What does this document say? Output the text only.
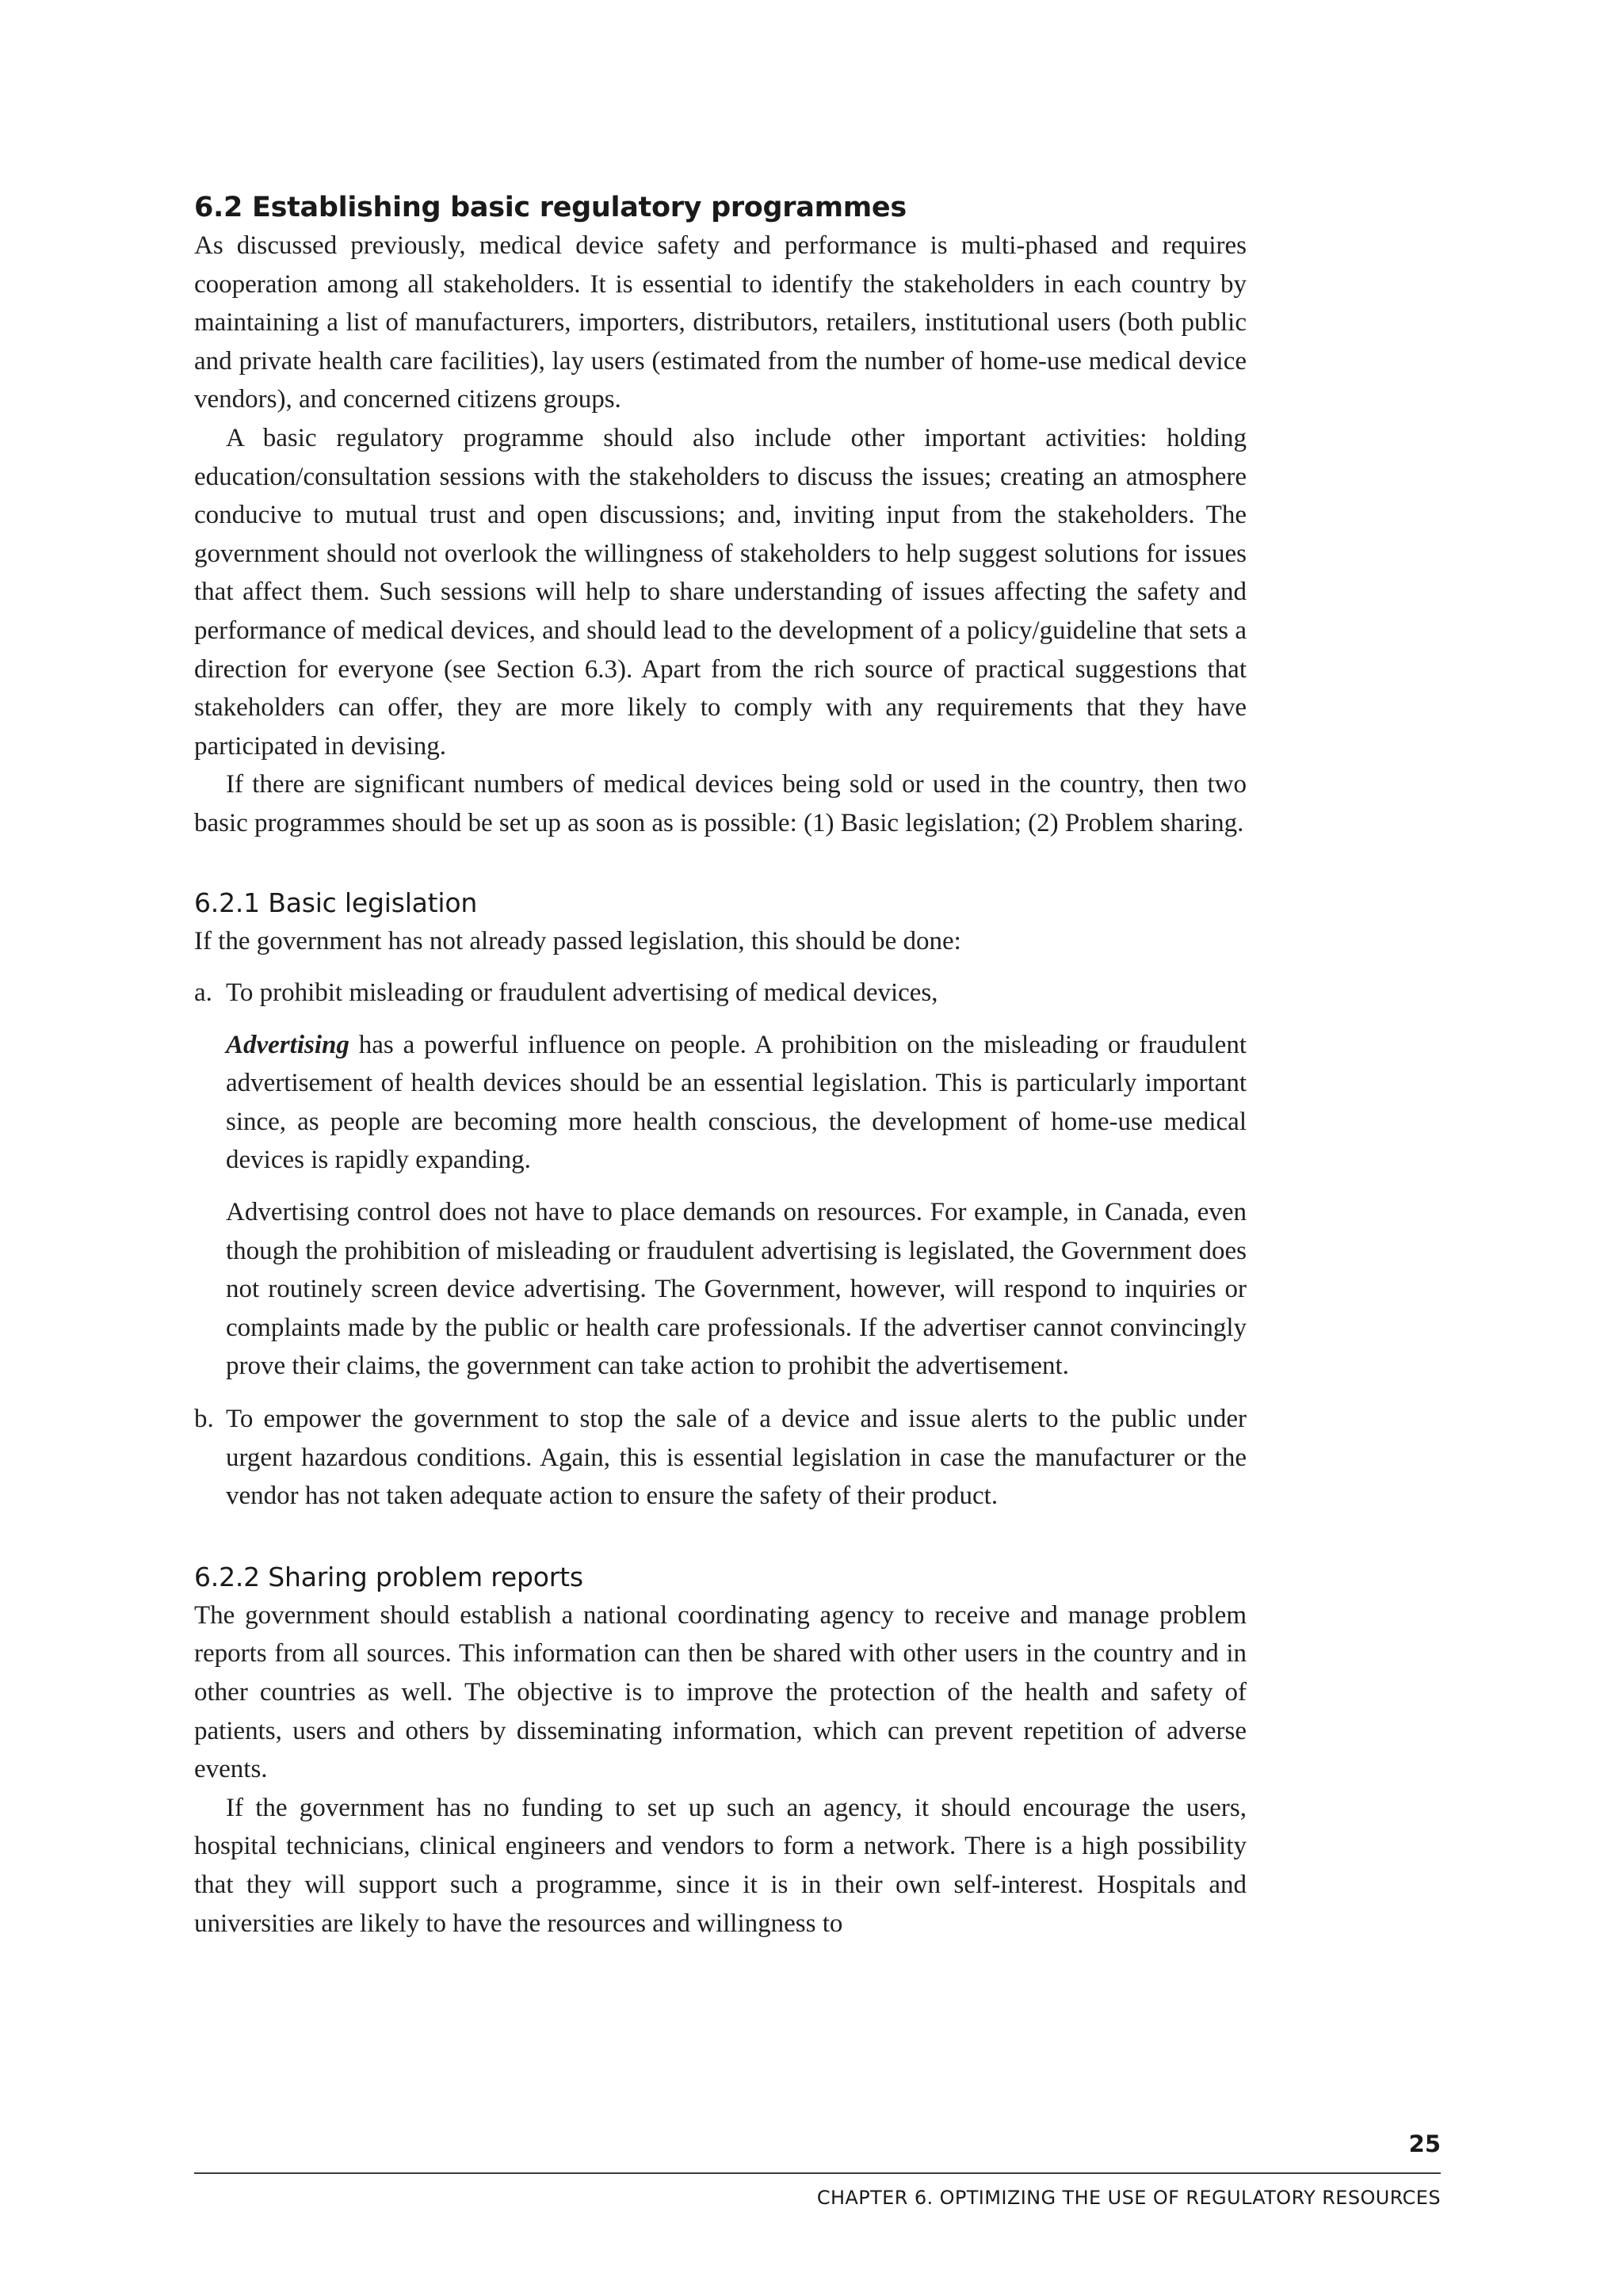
6.2 Establishing basic regulatory programmes

As discussed previously, medical device safety and performance is multi-phased and requires cooperation among all stakeholders. It is essential to identify the stakeholders in each country by maintaining a list of manufacturers, importers, distributors, retailers, institutional users (both public and private health care facilities), lay users (estimated from the number of home-use medical device vendors), and concerned citizens groups.

A basic regulatory programme should also include other important activities: holding education/consultation sessions with the stakeholders to discuss the issues; creating an atmosphere conducive to mutual trust and open discussions; and, inviting input from the stakeholders. The government should not overlook the willingness of stakeholders to help suggest solutions for issues that affect them. Such sessions will help to share understanding of issues affecting the safety and performance of medical devices, and should lead to the development of a policy/guideline that sets a direction for everyone (see Section 6.3). Apart from the rich source of practical suggestions that stakeholders can offer, they are more likely to comply with any requirements that they have participated in devising.

If there are significant numbers of medical devices being sold or used in the country, then two basic programmes should be set up as soon as is possible: (1) Basic legislation; (2) Problem sharing.

6.2.1 Basic legislation

If the government has not already passed legislation, this should be done:

a. To prohibit misleading or fraudulent advertising of medical devices,

Advertising has a powerful influence on people. A prohibition on the misleading or fraudulent advertisement of health devices should be an essential legislation. This is particularly important since, as people are becoming more health conscious, the development of home-use medical devices is rapidly expanding.

Advertising control does not have to place demands on resources. For example, in Canada, even though the prohibition of misleading or fraudulent advertising is legislated, the Government does not routinely screen device advertising. The Government, however, will respond to inquiries or complaints made by the public or health care professionals. If the advertiser cannot convincingly prove their claims, the government can take action to prohibit the advertisement.

b. To empower the government to stop the sale of a device and issue alerts to the public under urgent hazardous conditions. Again, this is essential legislation in case the manufacturer or the vendor has not taken adequate action to ensure the safety of their product.
6.2.2 Sharing problem reports

The government should establish a national coordinating agency to receive and manage problem reports from all sources. This information can then be shared with other users in the country and in other countries as well. The objective is to improve the protection of the health and safety of patients, users and others by disseminating information, which can prevent repetition of adverse events.

If the government has no funding to set up such an agency, it should encourage the users, hospital technicians, clinical engineers and vendors to form a network. There is a high possibility that they will support such a programme, since it is in their own self-interest. Hospitals and universities are likely to have the resources and willingness to

25
CHAPTER 6. OPTIMIZING THE USE OF REGULATORY RESOURCES
